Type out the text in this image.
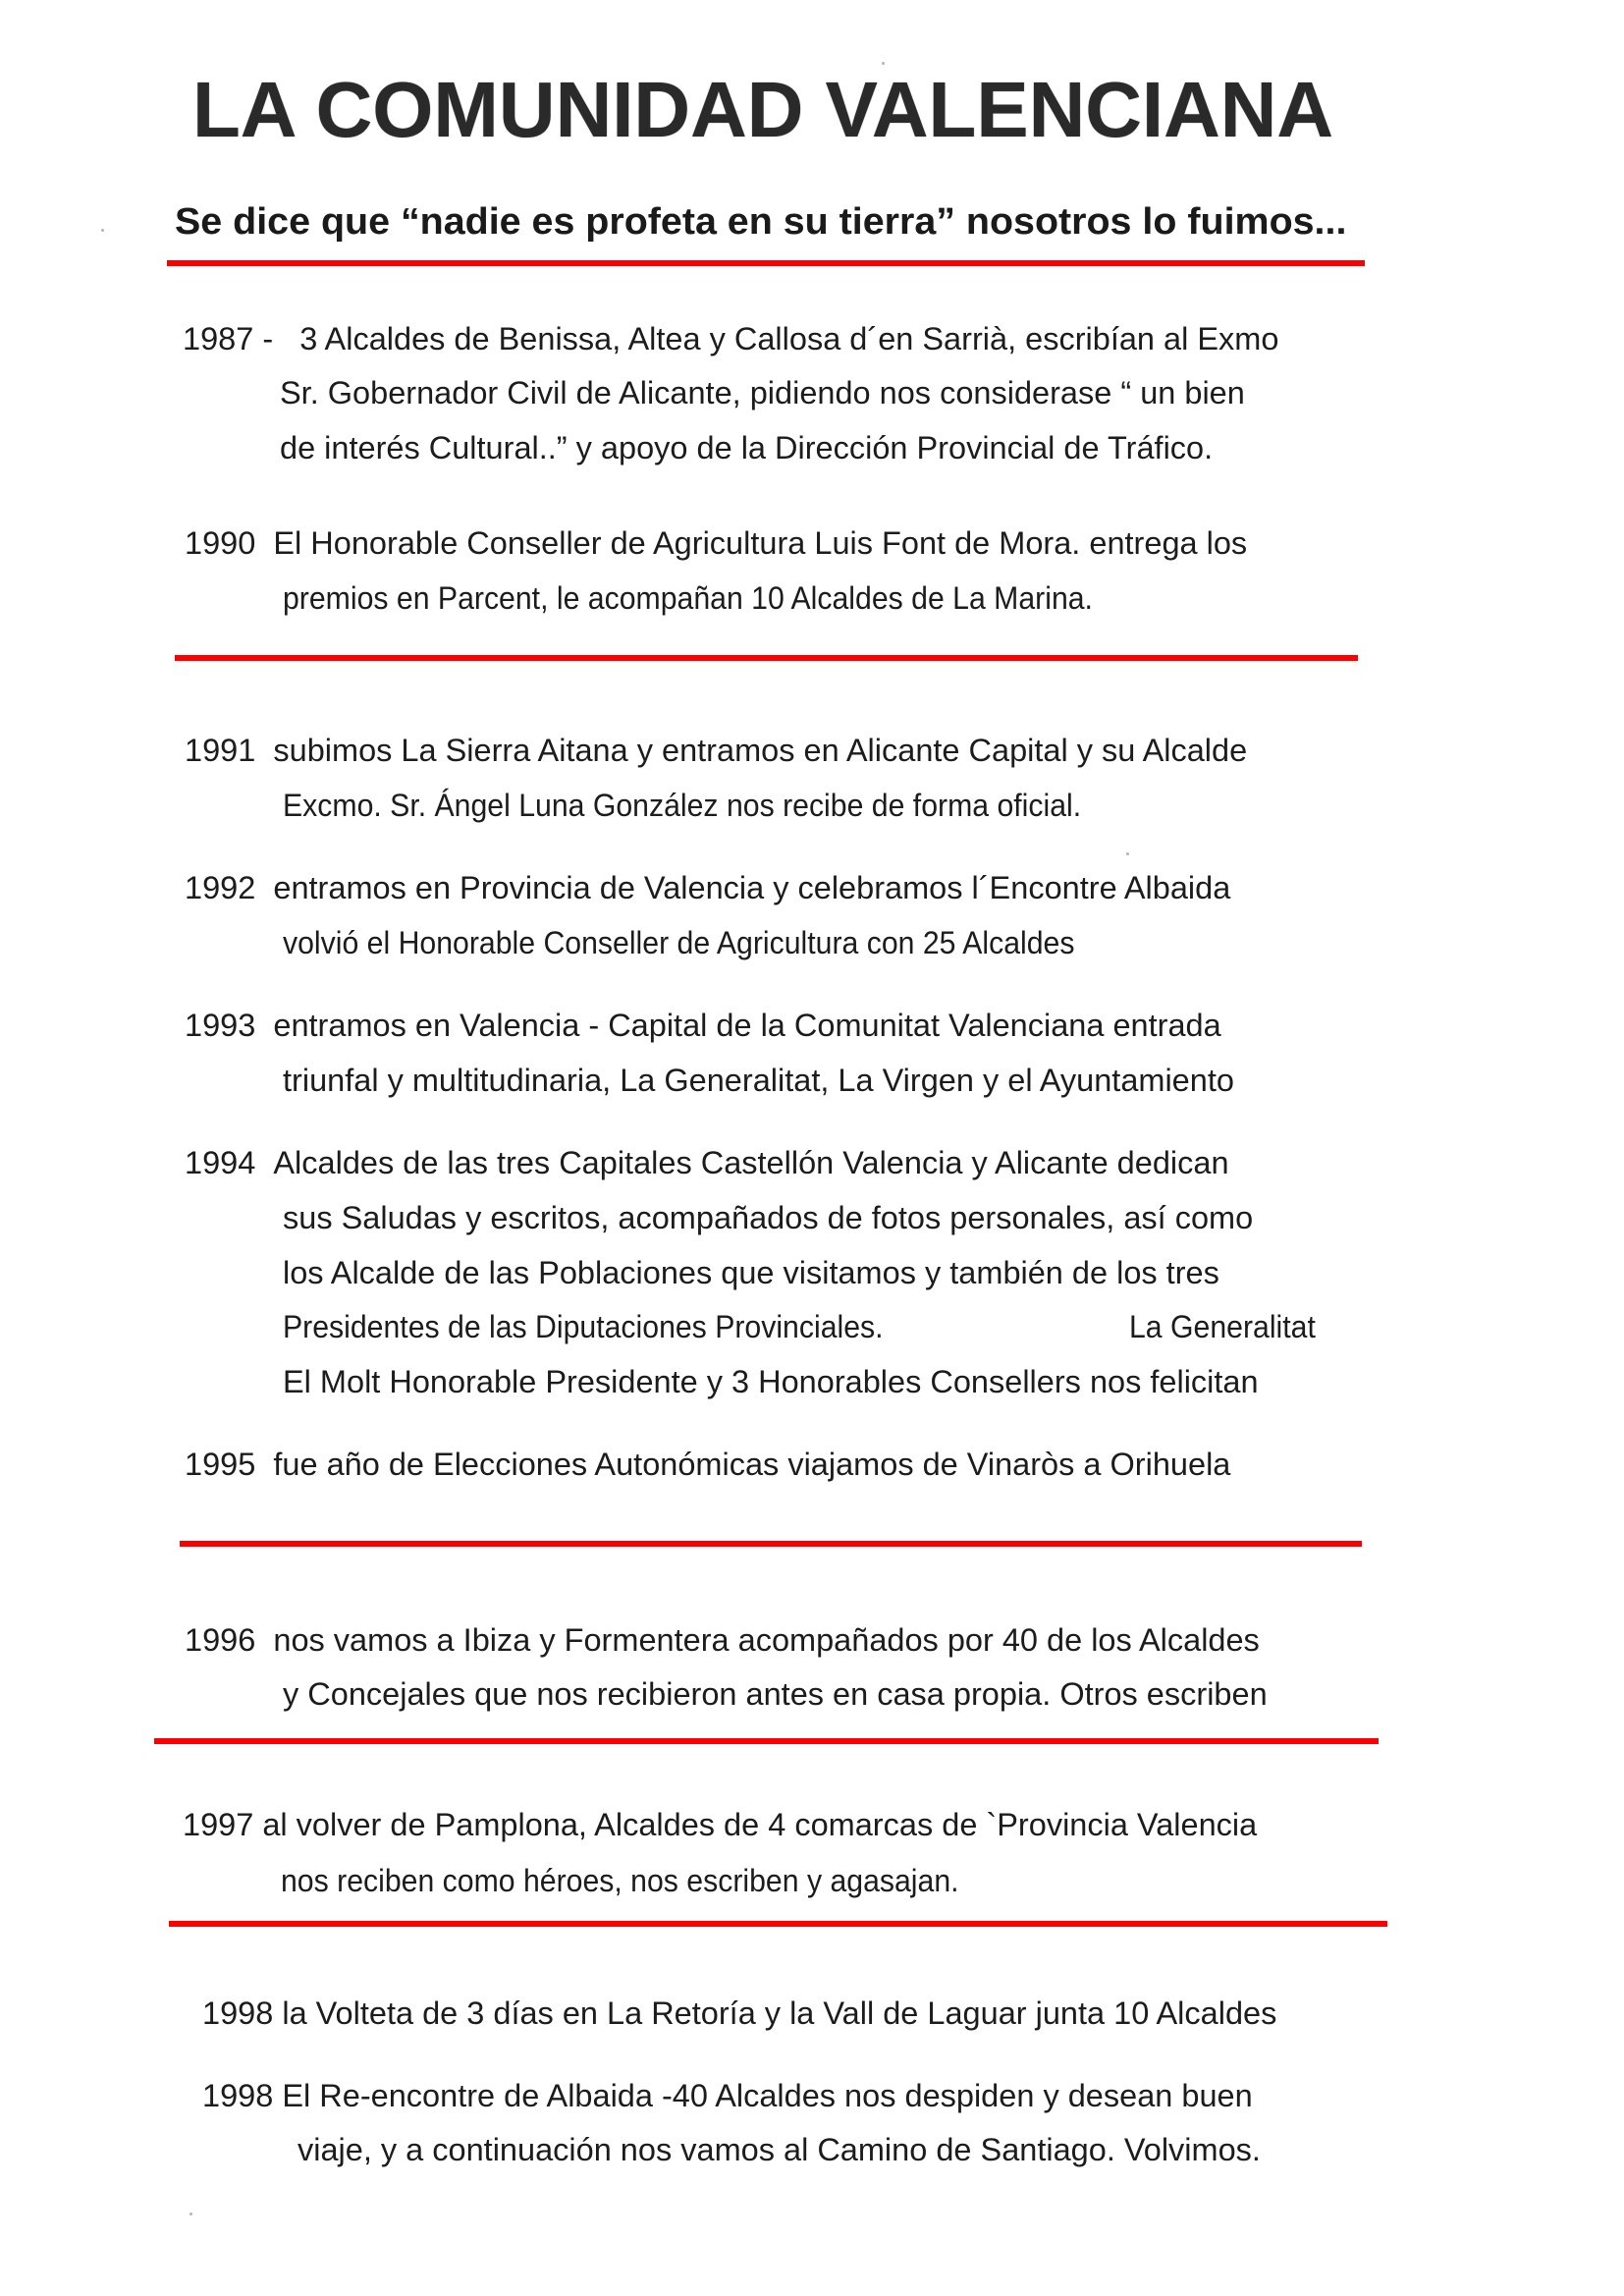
LA COMUNIDAD VALENCIANA
Se dice que “nadie es profeta en su tierra” nosotros lo fuimos...
1987 - 3 Alcaldes de Benissa, Altea y Callosa d´en Sarrià, escribían al Exmo
Sr. Gobernador Civil de Alicante, pidiendo nos considerase “ un bien
de interés Cultural..” y apoyo de la Dirección Provincial de Tráfico.
1990 El Honorable Conseller de Agricultura Luis Font de Mora. entrega los
premios en Parcent, le acompañan 10 Alcaldes de La Marina.
1991 subimos La Sierra Aitana y entramos en Alicante Capital y su Alcalde
Excmo. Sr. Ángel Luna González nos recibe de forma oficial.
1992 entramos en Provincia de Valencia y celebramos l´Encontre Albaida
volvió el Honorable Conseller de Agricultura con 25 Alcaldes
1993 entramos en Valencia - Capital de la Comunitat Valenciana entrada
triunfal y multitudinaria, La Generalitat, La Virgen y el Ayuntamiento
1994 Alcaldes de las tres Capitales Castellón Valencia y Alicante dedican
sus Saludas y escritos, acompañados de fotos personales, así como
los Alcalde de las Poblaciones que visitamos y también de los tres
Presidentes de las Diputaciones Provinciales.	La Generalitat
El Molt Honorable Presidente y 3 Honorables Consellers nos felicitan
1995 fue año de Elecciones Autonómicas viajamos de Vinaròs a Orihuela
1996 nos vamos a Ibiza y Formentera acompañados por 40 de los Alcaldes
y Concejales que nos recibieron antes en casa propia. Otros escriben
1997 al volver de Pamplona, Alcaldes de 4 comarcas de `Provincia Valencia
nos reciben como héroes, nos escriben y agasajan.
1998 la Volteta de 3 días en La Retoría y la Vall de Laguar junta 10 Alcaldes
1998 El Re-encontre de Albaida -40 Alcaldes nos despiden y desean buen
viaje, y a continuación nos vamos al Camino de Santiago. Volvimos.
